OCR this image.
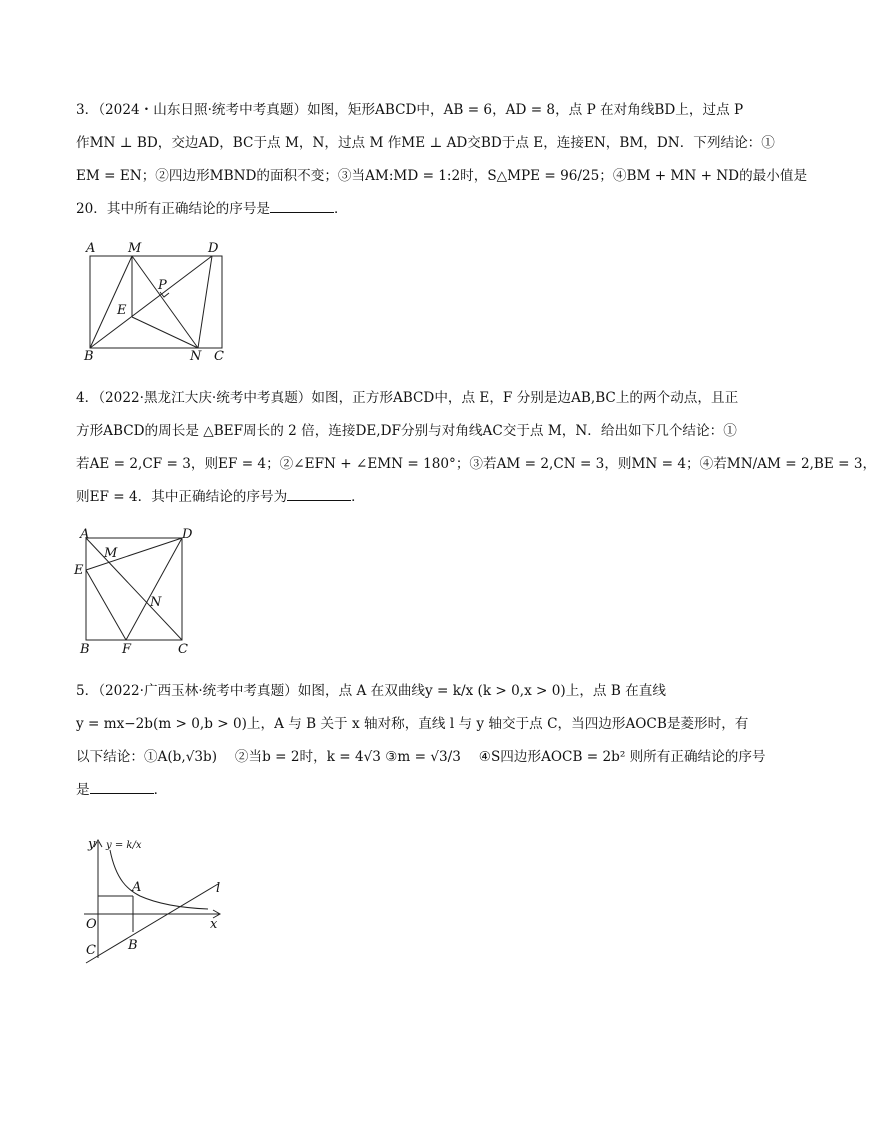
3．（2024・山东日照·统考中考真题）如图，矩形ABCD中，AB = 6，AD = 8，点 P 在对角线BD上，过点 P
作MN ⊥ BD，交边AD，BC于点 M，N，过点 M 作ME ⊥ AD交BD于点 E，连接EN，BM，DN．下列结论：①
EM = EN；②四边形MBND的面积不变；③当AM:MD = 1:2时，S△MPE = 96/25；④BM + MN + ND的最小值是
20．其中所有正确结论的序号是	．
A	M	D
P
E
B	N C
4．（2022·黑龙江大庆·统考中考真题）如图，正方形ABCD中，点 E，F 分别是边AB,BC上的两个动点，且正
方形ABCD的周长是 △BEF周长的 2 倍，连接DE,DF分别与对角线AC交于点 M，N．给出如下几个结论：①
若AE = 2,CF = 3，则EF = 4；②∠EFN + ∠EMN = 180°；③若AM = 2,CN = 3，则MN = 4；④若MN/AM = 2,BE = 3，
则EF = 4．其中正确结论的序号为	．
A	D
M
E
N
B F	C
5．（2022·广西玉林·统考中考真题）如图，点 A 在双曲线y = k/x (k > 0,x > 0)上，点 B 在直线
y = mx−2b(m > 0,b > 0)上，A 与 B 关于 x 轴对称，直线 l 与 y 轴交于点 C，当四边形AOCB是菱形时，有
以下结论：①A(b,√3b)　 ②当b = 2时，k = 4√3 ③m = √3/3　 ④S四边形AOCB = 2b² 则所有正确结论的序号
是	．
y y = k/x
A	l
O	x
C B
